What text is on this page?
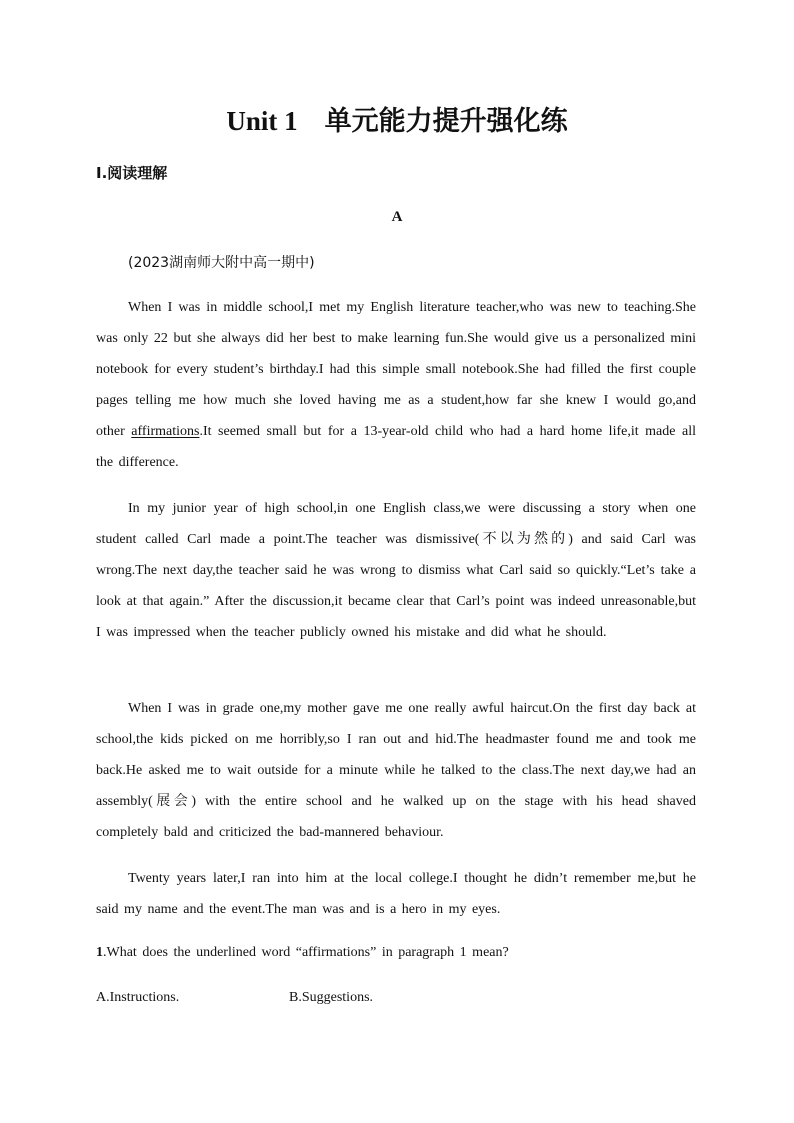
Unit 1　单元能力提升强化练
Ⅰ.阅读理解
A
(2023湖南师大附中高一期中)

When I was in middle school,I met my English literature teacher,who was new to teaching.She was only 22 but she always did her best to make learning fun.She would give us a personalized mini notebook for every student’s birthday.I had this simple small notebook.She had filled the first couple pages telling me how much she loved having me as a student,how far she knew I would go,and other affirmations.It seemed small but for a 13-year-old child who had a hard home life,it made all the difference.

In my junior year of high school,in one English class,we were discussing a story when one student called Carl made a point.The teacher was dismissive(不以为然的) and said Carl was wrong.The next day,the teacher said he was wrong to dismiss what Carl said so quickly.“Let’s take a look at that again.” After the discussion,it became clear that Carl’s point was indeed unreasonable,but I was impressed when the teacher publicly owned his mistake and did what he should.

When I was in grade one,my mother gave me one really awful haircut.On the first day back at school,the kids picked on me horribly,so I ran out and hid.The headmaster found me and took me back.He asked me to wait outside for a minute while he talked to the class.The next day,we had an assembly(展会) with the entire school and he walked up on the stage with his head shaved completely bald and criticized the bad-mannered behaviour.

Twenty years later,I ran into him at the local college.I thought he didn’t remember me,but he said my name and the event.The man was and is a hero in my eyes.

1.What does the underlined word “affirmations” in paragraph 1 mean?
A.Instructions.	B.Suggestions.
